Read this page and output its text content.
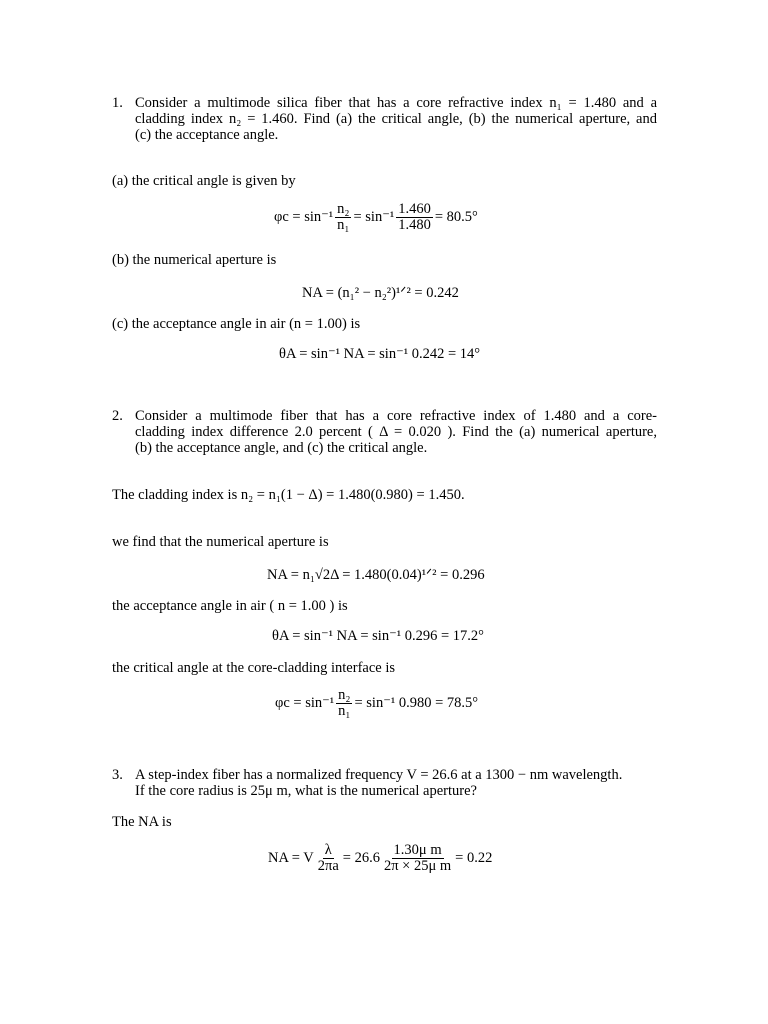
1. Consider a multimode silica fiber that has a core refractive index n₁ = 1.480 and a
cladding index n₂ = 1.460. Find (a) the critical angle, (b) the numerical aperture, and
(c) the acceptance angle.
(a) the critical angle is given by
$\varphi c = \sin^{-1} \frac{\text{n₂}}{\text{n₁}} = \sin^{-1} \frac{1.460}{1.480} = 80.5^\circ$
(b) the numerical aperture is
NA = (n₁² − n₂²)¹ᐟ² = 0.242
(c) the acceptance angle in air (n = 1.00) is
θA = sin⁻¹ NA = sin⁻¹ 0.242 = 14°
2. Consider a multimode fiber that has a core refractive index of 1.480 and a core-
cladding index difference 2.0 percent ( Δ = 0.020 ). Find the (a) numerical aperture,
(b) the acceptance angle, and (c) the critical angle.
The cladding index is n₂ = n₁(1 − Δ) = 1.480(0.980) = 1.450.
we find that the numerical aperture is
NA = n₁√2Δ = 1.480(0.04)¹ᐟ² = 0.296
the acceptance angle in air ( n = 1.00 ) is
θA = sin⁻¹ NA = sin⁻¹ 0.296 = 17.2°
the critical angle at the core-cladding interface is
$\varphi c = \sin^{-1} \frac{\text{n₂}}{\text{n₁}} = \sin^{-1}$ 0.980 = 78.5°
3. A step-index fiber has a normalized frequency V = 26.6 at a 1300 − nm wavelength.
If the core radius is 25μ m, what is the numerical aperture?
The NA is
NA = V $\frac{\lambda}{2\pi a} = 26.6 \frac{\text{1.30μ m}}{\text{2π × 25μ m}} = 0.22$
